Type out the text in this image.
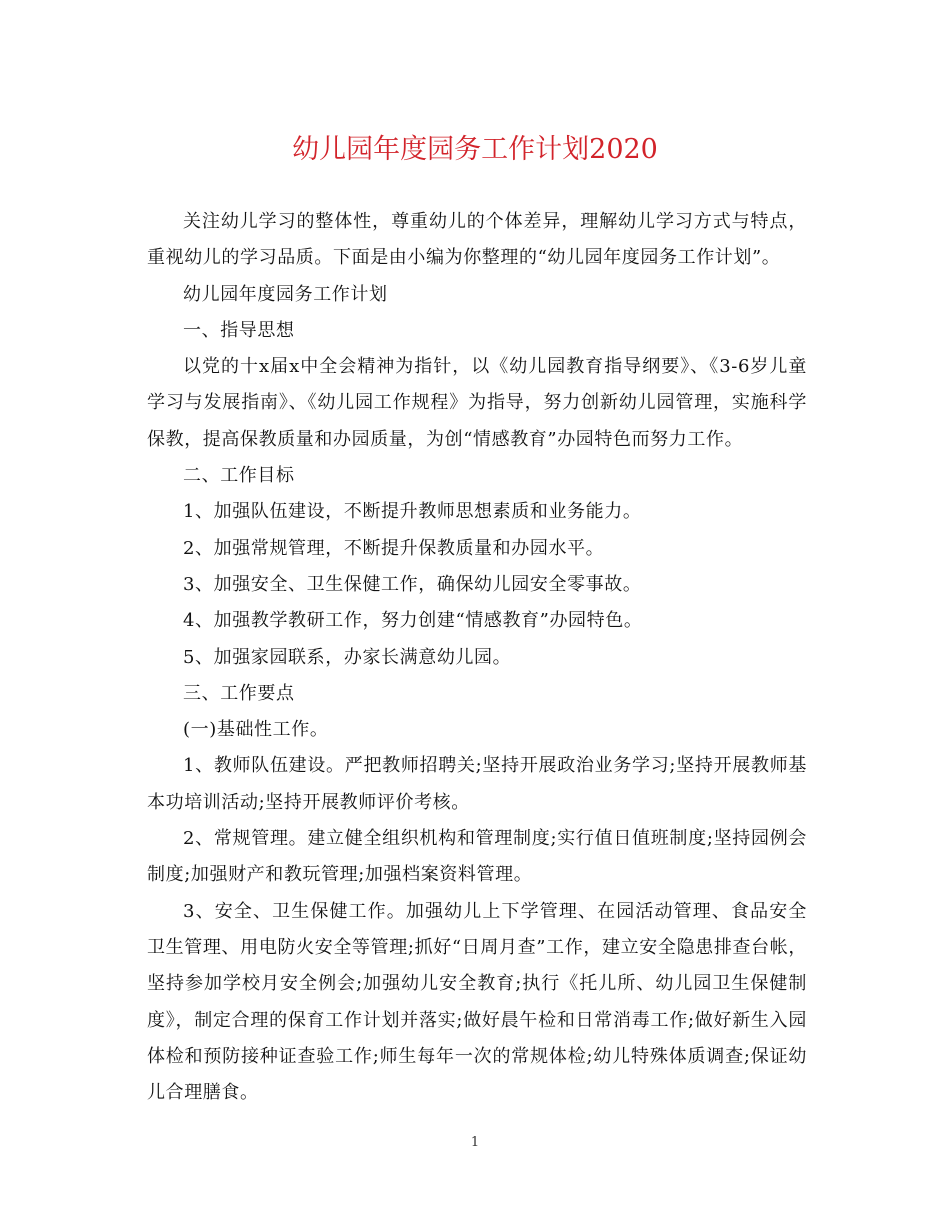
幼儿园年度园务工作计划2020

关注幼儿学习的整体性，尊重幼儿的个体差异，理解幼儿学习方式与特点，重视幼儿的学习品质。下面是由小编为你整理的“幼儿园年度园务工作计划”。

幼儿园年度园务工作计划

一、指导思想

以党的十x届x中全会精神为指针，以《幼儿园教育指导纲要》、《3-6岁儿童学习与发展指南》、《幼儿园工作规程》为指导，努力创新幼儿园管理，实施科学保教，提高保教质量和办园质量，为创“情感教育”办园特色而努力工作。

二、工作目标

1、加强队伍建设，不断提升教师思想素质和业务能力。

2、加强常规管理，不断提升保教质量和办园水平。

3、加强安全、卫生保健工作，确保幼儿园安全零事故。

4、加强教学教研工作，努力创建“情感教育”办园特色。

5、加强家园联系，办家长满意幼儿园。

三、工作要点

(一)基础性工作。

1、教师队伍建设。严把教师招聘关;坚持开展政治业务学习;坚持开展教师基本功培训活动;坚持开展教师评价考核。

2、常规管理。建立健全组织机构和管理制度;实行值日值班制度;坚持园例会制度;加强财产和教玩管理;加强档案资料管理。

3、安全、卫生保健工作。加强幼儿上下学管理、在园活动管理、食品安全卫生管理、用电防火安全等管理;抓好“日周月查”工作，建立安全隐患排查台帐，坚持参加学校月安全例会;加强幼儿安全教育;执行《托儿所、幼儿园卫生保健制度》，制定合理的保育工作计划并落实;做好晨午检和日常消毒工作;做好新生入园体检和预防接种证查验工作;师生每年一次的常规体检;幼儿特殊体质调查;保证幼儿合理膳食。

1
